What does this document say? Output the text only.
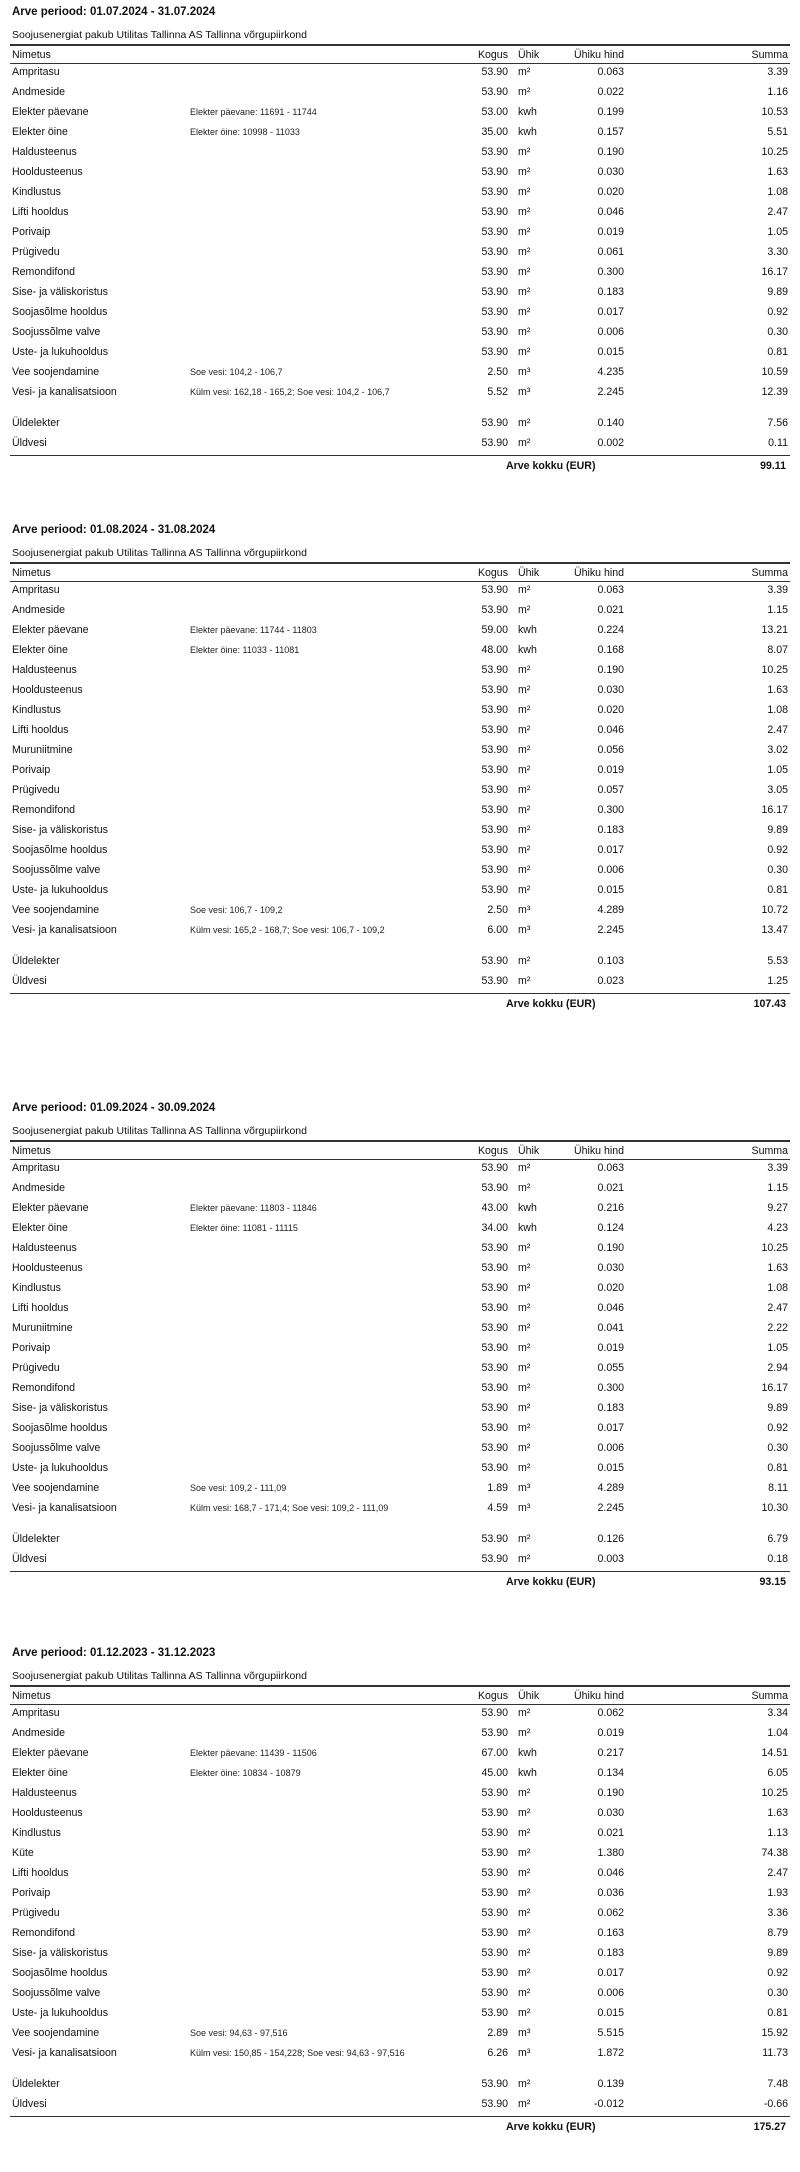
Arve periood: 01.07.2024 - 31.07.2024
Soojusenergiat pakub Utilitas Tallinna AS Tallinna võrgupiirkond
Nimetus		Kogus	Ühik	Ühiku hind	Summa
Ampritasu		53.90	m²	0.063	3.39
Andmeside		53.90	m²	0.022	1.16
Elekter päevane	Elekter päevane: 11691 - 11744	53.00	kwh	0.199	10.53
Elekter öine	Elekter öine: 10998 - 11033	35.00	kwh	0.157	5.51
Haldusteenus		53.90	m²	0.190	10.25
Hooldusteenus		53.90	m²	0.030	1.63
Kindlustus		53.90	m²	0.020	1.08
Lifti hooldus		53.90	m²	0.046	2.47
Porivaip		53.90	m²	0.019	1.05
Prügivedu		53.90	m²	0.061	3.30
Remondifond		53.90	m²	0.300	16.17
Sise- ja väliskoristus		53.90	m²	0.183	9.89
Soojasõlme hooldus		53.90	m²	0.017	0.92
Soojussõlme valve		53.90	m²	0.006	0.30
Uste- ja lukuhooldus		53.90	m²	0.015	0.81
Vee soojendamine	Soe vesi: 104,2 - 106,7	2.50	m³	4.235	10.59
Vesi- ja kanalisatsioon	Külm vesi: 162,18 - 165,2; Soe vesi: 104,2 - 106,7	5.52	m³	2.245	12.39
Üldelekter		53.90	m²	0.140	7.56
Üldvesi		53.90	m²	0.002	0.11
Arve kokku (EUR)	99.11
Arve periood: 01.08.2024 - 31.08.2024
Soojusenergiat pakub Utilitas Tallinna AS Tallinna võrgupiirkond
Nimetus		Kogus	Ühik	Ühiku hind	Summa
Ampritasu		53.90	m²	0.063	3.39
Andmeside		53.90	m²	0.021	1.15
Elekter päevane	Elekter päevane: 11744 - 11803	59.00	kwh	0.224	13.21
Elekter öine	Elekter öine: 11033 - 11081	48.00	kwh	0.168	8.07
Haldusteenus		53.90	m²	0.190	10.25
Hooldusteenus		53.90	m²	0.030	1.63
Kindlustus		53.90	m²	0.020	1.08
Lifti hooldus		53.90	m²	0.046	2.47
Muruniitmine		53.90	m²	0.056	3.02
Porivaip		53.90	m²	0.019	1.05
Prügivedu		53.90	m²	0.057	3.05
Remondifond		53.90	m²	0.300	16.17
Sise- ja väliskoristus		53.90	m²	0.183	9.89
Soojasõlme hooldus		53.90	m²	0.017	0.92
Soojussõlme valve		53.90	m²	0.006	0.30
Uste- ja lukuhooldus		53.90	m²	0.015	0.81
Vee soojendamine	Soe vesi: 106,7 - 109,2	2.50	m³	4.289	10.72
Vesi- ja kanalisatsioon	Külm vesi: 165,2 - 168,7; Soe vesi: 106,7 - 109,2	6.00	m³	2.245	13.47
Üldelekter		53.90	m²	0.103	5.53
Üldvesi		53.90	m²	0.023	1.25
Arve kokku (EUR)	107.43
Arve periood: 01.09.2024 - 30.09.2024
Soojusenergiat pakub Utilitas Tallinna AS Tallinna võrgupiirkond
Nimetus		Kogus	Ühik	Ühiku hind	Summa
Ampritasu		53.90	m²	0.063	3.39
Andmeside		53.90	m²	0.021	1.15
Elekter päevane	Elekter päevane: 11803 - 11846	43.00	kwh	0.216	9.27
Elekter öine	Elekter öine: 11081 - 11115	34.00	kwh	0.124	4.23
Haldusteenus		53.90	m²	0.190	10.25
Hooldusteenus		53.90	m²	0.030	1.63
Kindlustus		53.90	m²	0.020	1.08
Lifti hooldus		53.90	m²	0.046	2.47
Muruniitmine		53.90	m²	0.041	2.22
Porivaip		53.90	m²	0.019	1.05
Prügivedu		53.90	m²	0.055	2.94
Remondifond		53.90	m²	0.300	16.17
Sise- ja väliskoristus		53.90	m²	0.183	9.89
Soojasõlme hooldus		53.90	m²	0.017	0.92
Soojussõlme valve		53.90	m²	0.006	0.30
Uste- ja lukuhooldus		53.90	m²	0.015	0.81
Vee soojendamine	Soe vesi: 109,2 - 111,09	1.89	m³	4.289	8.11
Vesi- ja kanalisatsioon	Külm vesi: 168,7 - 171,4; Soe vesi: 109,2 - 111,09	4.59	m³	2.245	10.30
Üldelekter		53.90	m²	0.126	6.79
Üldvesi		53.90	m²	0.003	0.18
Arve kokku (EUR)	93.15
Arve periood: 01.12.2023 - 31.12.2023
Soojusenergiat pakub Utilitas Tallinna AS Tallinna võrgupiirkond
Nimetus		Kogus	Ühik	Ühiku hind	Summa
Ampritasu		53.90	m²	0.062	3.34
Andmeside		53.90	m²	0.019	1.04
Elekter päevane	Elekter päevane: 11439 - 11506	67.00	kwh	0.217	14.51
Elekter öine	Elekter öine: 10834 - 10879	45.00	kwh	0.134	6.05
Haldusteenus		53.90	m²	0.190	10.25
Hooldusteenus		53.90	m²	0.030	1.63
Kindlustus		53.90	m²	0.021	1.13
Küte		53.90	m²	1.380	74.38
Lifti hooldus		53.90	m²	0.046	2.47
Porivaip		53.90	m²	0.036	1.93
Prügivedu		53.90	m²	0.062	3.36
Remondifond		53.90	m²	0.163	8.79
Sise- ja väliskoristus		53.90	m²	0.183	9.89
Soojasõlme hooldus		53.90	m²	0.017	0.92
Soojussõlme valve		53.90	m²	0.006	0.30
Uste- ja lukuhooldus		53.90	m²	0.015	0.81
Vee soojendamine	Soe vesi: 94,63 - 97,516	2.89	m³	5.515	15.92
Vesi- ja kanalisatsioon	Külm vesi: 150,85 - 154,228; Soe vesi: 94,63 - 97,516	6.26	m³	1.872	11.73
Üldelekter		53.90	m²	0.139	7.48
Üldvesi		53.90	m²	-0.012	-0.66
Arve kokku (EUR)	175.27
